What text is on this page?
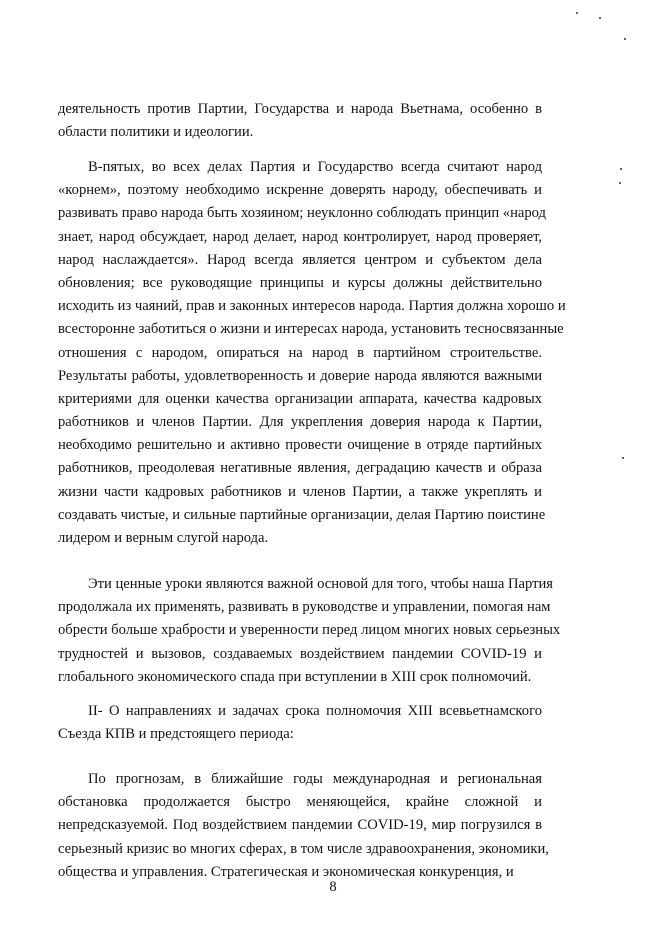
деятельность против Партии, Государства и народа Вьетнама, особенно в
области политики и идеологии.
В-пятых, во всех делах Партия и Государство всегда считают народ
«корнем», поэтому необходимо искренне доверять народу, обеспечивать и
развивать право народа быть хозяином; неуклонно соблюдать принцип «народ
знает, народ обсуждает, народ делает, народ контролирует, народ проверяет,
народ наслаждается». Народ всегда является центром и субъектом дела
обновления; все руководящие принципы и курсы должны действительно
исходить из чаяний, прав и законных интересов народа. Партия должна хорошо и
всесторонне заботиться о жизни и интересах народа, установить тесносвязанные
отношения с народом, опираться на народ в партийном строительстве.
Результаты работы, удовлетворенность и доверие народа являются важными
критериями для оценки качества организации аппарата, качества кадровых
работников и членов Партии. Для укрепления доверия народа к Партии,
необходимо решительно и активно провести очищение в отряде партийных
работников, преодолевая негативные явления, деградацию качеств и образа
жизни части кадровых работников и членов Партии, а также укреплять и
создавать чистые, и сильные партийные организации, делая Партию поистине
лидером и верным слугой народа.
Эти ценные уроки являются важной основой для того, чтобы наша Партия
продолжала их применять, развивать в руководстве и управлении, помогая нам
обрести больше храбрости и уверенности перед лицом многих новых серьезных
трудностей и вызовов, создаваемых воздействием пандемии COVID-19 и
глобального экономического спада при вступлении в XIII срок полномочий.
II- О направлениях и задачах срока полномочия XIII всевьетнамского
Съезда КПВ и предстоящего периода:
По прогнозам, в ближайшие годы международная и региональная
обстановка продолжается быстро меняющейся, крайне сложной и
непредсказуемой. Под воздействием пандемии COVID-19, мир погрузился в
серьезный кризис во многих сферах, в том числе здравоохранения, экономики,
общества и управления. Стратегическая и экономическая конкуренция, и
8
